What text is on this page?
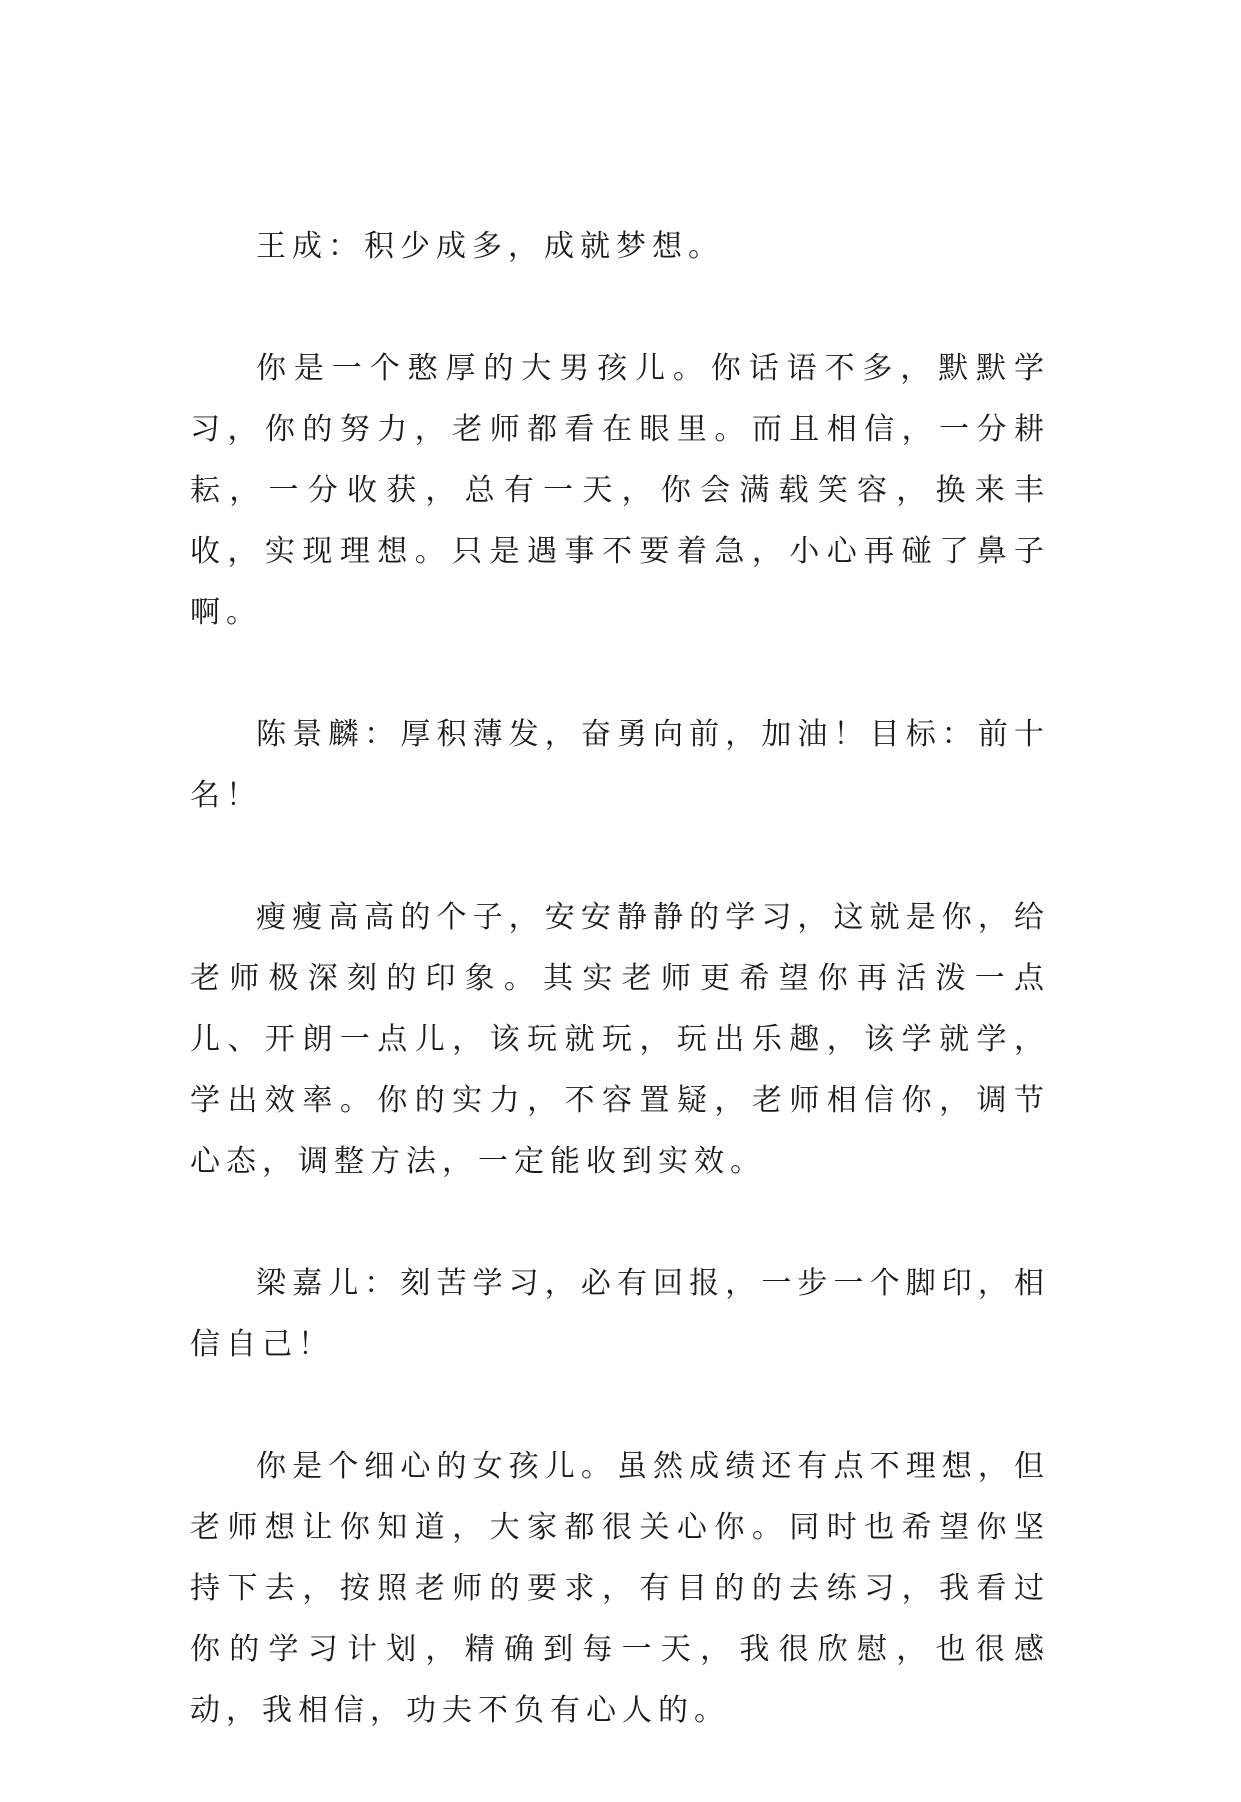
王成：积少成多，成就梦想。

你是一个憨厚的大男孩儿。你话语不多，默默学习，你的努力，老师都看在眼里。而且相信，一分耕耘，一分收获，总有一天，你会满载笑容，换来丰收，实现理想。只是遇事不要着急，小心再碰了鼻子啊。

陈景麟：厚积薄发，奋勇向前，加油！目标：前十名！

瘦瘦高高的个子，安安静静的学习，这就是你，给老师极深刻的印象。其实老师更希望你再活泼一点儿、开朗一点儿，该玩就玩，玩出乐趣，该学就学，学出效率。你的实力，不容置疑，老师相信你，调节心态，调整方法，一定能收到实效。

梁嘉儿：刻苦学习，必有回报，一步一个脚印，相信自己！

你是个细心的女孩儿。虽然成绩还有点不理想，但老师想让你知道，大家都很关心你。同时也希望你坚持下去，按照老师的要求，有目的的去练习，我看过你的学习计划，精确到每一天，我很欣慰，也很感动，我相信，功夫不负有心人的。
